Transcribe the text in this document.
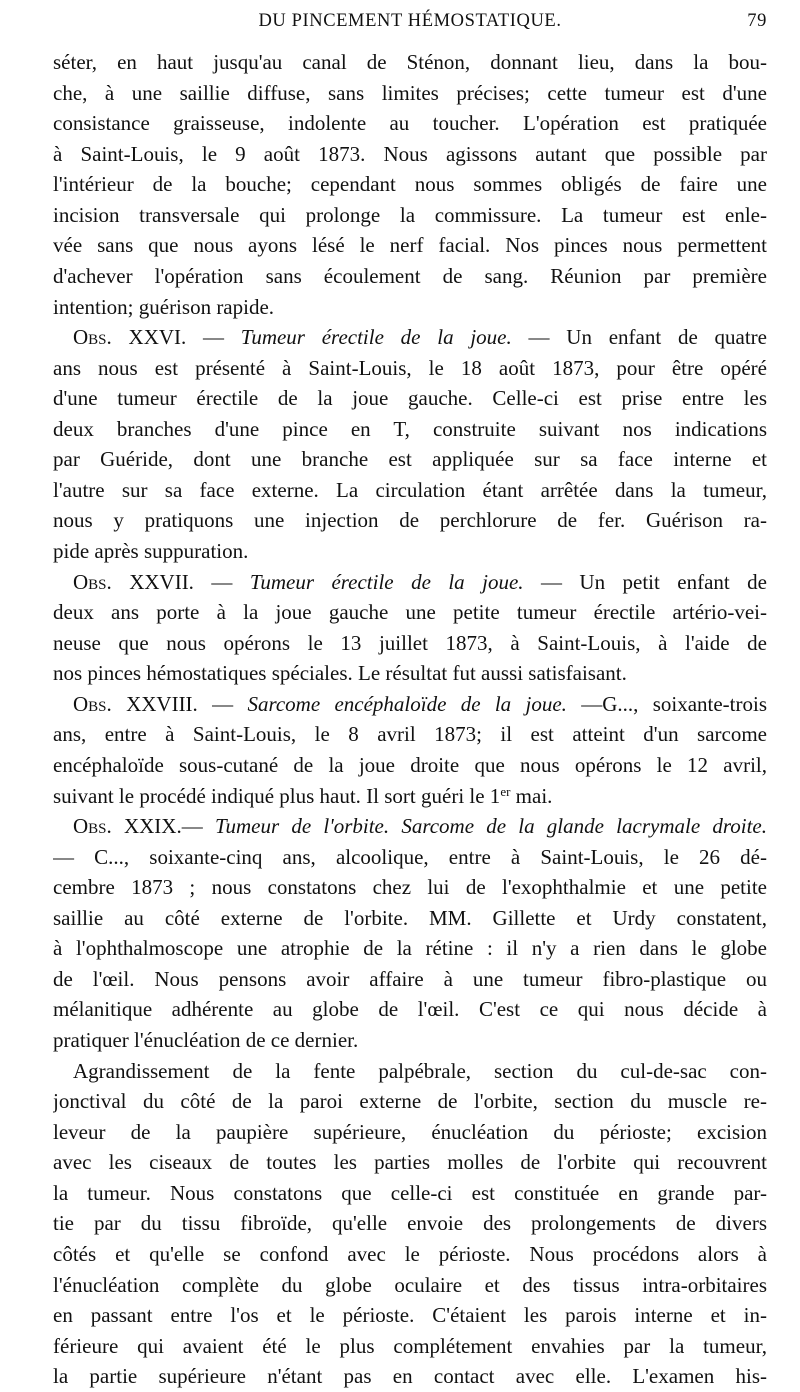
DU PINCEMENT HÉMOSTATIQUE.	79
séter, en haut jusqu'au canal de Sténon, donnant lieu, dans la bou-
che, à une saillie diffuse, sans limites précises; cette tumeur est d'une
consistance graisseuse, indolente au toucher. L'opération est pratiquée
à Saint-Louis, le 9 août 1873. Nous agissons autant que possible par
l'intérieur de la bouche; cependant nous sommes obligés de faire une
incision transversale qui prolonge la commissure. La tumeur est enle-
vée sans que nous ayons lésé le nerf facial. Nos pinces nous permettent
d'achever l'opération sans écoulement de sang. Réunion par première
intention; guérison rapide.
Obs. XXVI. — Tumeur érectile de la joue. — Un enfant de quatre
ans nous est présenté à Saint-Louis, le 18 août 1873, pour être opéré
d'une tumeur érectile de la joue gauche. Celle-ci est prise entre les
deux branches d'une pince en T, construite suivant nos indications
par Guéride, dont une branche est appliquée sur sa face interne et
l'autre sur sa face externe. La circulation étant arrêtée dans la tumeur,
nous y pratiquons une injection de perchlorure de fer. Guérison ra-
pide après suppuration.
Obs. XXVII. — Tumeur érectile de la joue. — Un petit enfant de
deux ans porte à la joue gauche une petite tumeur érectile artério-vei-
neuse que nous opérons le 13 juillet 1873, à Saint-Louis, à l'aide de
nos pinces hémostatiques spéciales. Le résultat fut aussi satisfaisant.
Obs. XXVIII. — Sarcome encéphaloïde de la joue. —G..., soixante-trois
ans, entre à Saint-Louis, le 8 avril 1873; il est atteint d'un sarcome
encéphaloïde sous-cutané de la joue droite que nous opérons le 12 avril,
suivant le procédé indiqué plus haut. Il sort guéri le 1er mai.
Obs. XXIX.— Tumeur de l'orbite. Sarcome de la glande lacrymale droite.
— C..., soixante-cinq ans, alcoolique, entre à Saint-Louis, le 26 dé-
cembre 1873 ; nous constatons chez lui de l'exophthalmie et une petite
saillie au côté externe de l'orbite. MM. Gillette et Urdy constatent,
à l'ophthalmoscope une atrophie de la rétine : il n'y a rien dans le globe
de l'œil. Nous pensons avoir affaire à une tumeur fibro-plastique ou
mélanitique adhérente au globe de l'œil. C'est ce qui nous décide à
pratiquer l'énucléation de ce dernier.
Agrandissement de la fente palpébrale, section du cul-de-sac con-
jonctival du côté de la paroi externe de l'orbite, section du muscle re-
leveur de la paupière supérieure, énucléation du périoste; excision
avec les ciseaux de toutes les parties molles de l'orbite qui recouvrent
la tumeur. Nous constatons que celle-ci est constituée en grande par-
tie par du tissu fibroïde, qu'elle envoie des prolongements de divers
côtés et qu'elle se confond avec le périoste. Nous procédons alors à
l'énucléation complète du globe oculaire et des tissus intra-orbitaires
en passant entre l'os et le périoste. C'étaient les parois interne et in-
férieure qui avaient été le plus complétement envahies par la tumeur,
la partie supérieure n'étant pas en contact avec elle. L'examen his-
